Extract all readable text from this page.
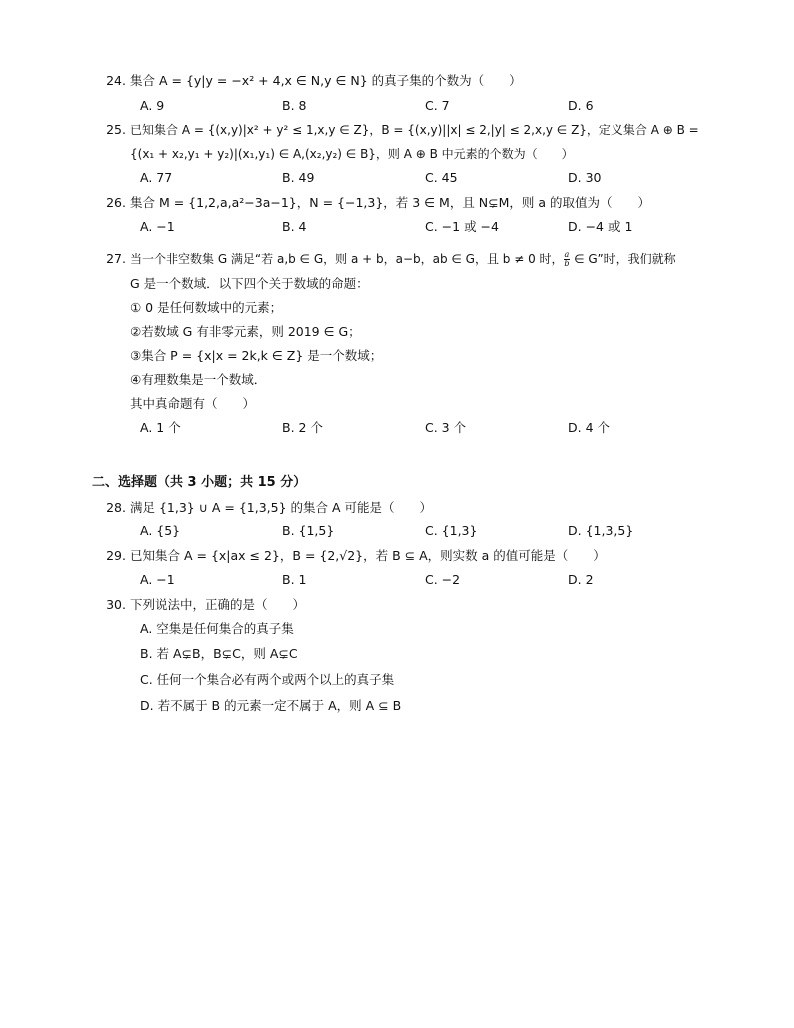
24. 集合 A = {y|y = −x² + 4,x ∈ N,y ∈ N} 的真子集的个数为（　　）
A. 9	B. 8	C. 7	D. 6
25. 已知集合 A = {(x,y)|x² + y² ≤ 1,x,y ∈ Z}，B = {(x,y)||x| ≤ 2,|y| ≤ 2,x,y ∈ Z}，定义集合 A ⊕ B =
{(x₁ + x₂,y₁ + y₂)|(x₁,y₁) ∈ A,(x₂,y₂) ∈ B}，则 A ⊕ B 中元素的个数为（　　）
A. 77	B. 49	C. 45	D. 30
26. 集合 M = {1,2,a,a²−3a−1}，N = {−1,3}，若 3 ∈ M，且 N⊊M，则 a 的取值为（　　）
A. −1	B. 4	C. −1 或 −4	D. −4 或 1
27. 当一个非空数集 G 满足“若 a,b ∈ G，则 a + b，a−b，ab ∈ G，且 b ≠ 0 时， $\frac{a}{b}$ ∈ G”时，我们就称
G 是一个数域．以下四个关于数域的命题：
① 0 是任何数域中的元素；
②若数域 G 有非零元素，则 2019 ∈ G；
③集合 P = {x|x = 2k,k ∈ Z} 是一个数域；
④有理数集是一个数域．
其中真命题有（　　）
A. 1 个	B. 2 个	C. 3 个	D. 4 个
二、选择题（共 3 小题；共 15 分）
28. 满足 {1,3} ∪ A = {1,3,5} 的集合 A 可能是（　　）
A. {5}	B. {1,5}	C. {1,3}	D. {1,3,5}
29. 已知集合 A = {x|ax ≤ 2}，B = {2,√2}，若 B ⊆ A，则实数 a 的值可能是（　　）
A. −1	B. 1	C. −2	D. 2
30. 下列说法中，正确的是（　　）
A. 空集是任何集合的真子集
B. 若 A⊊B，B⊊C，则 A⊊C
C. 任何一个集合必有两个或两个以上的真子集
D. 若不属于 B 的元素一定不属于 A，则 A ⊆ B
